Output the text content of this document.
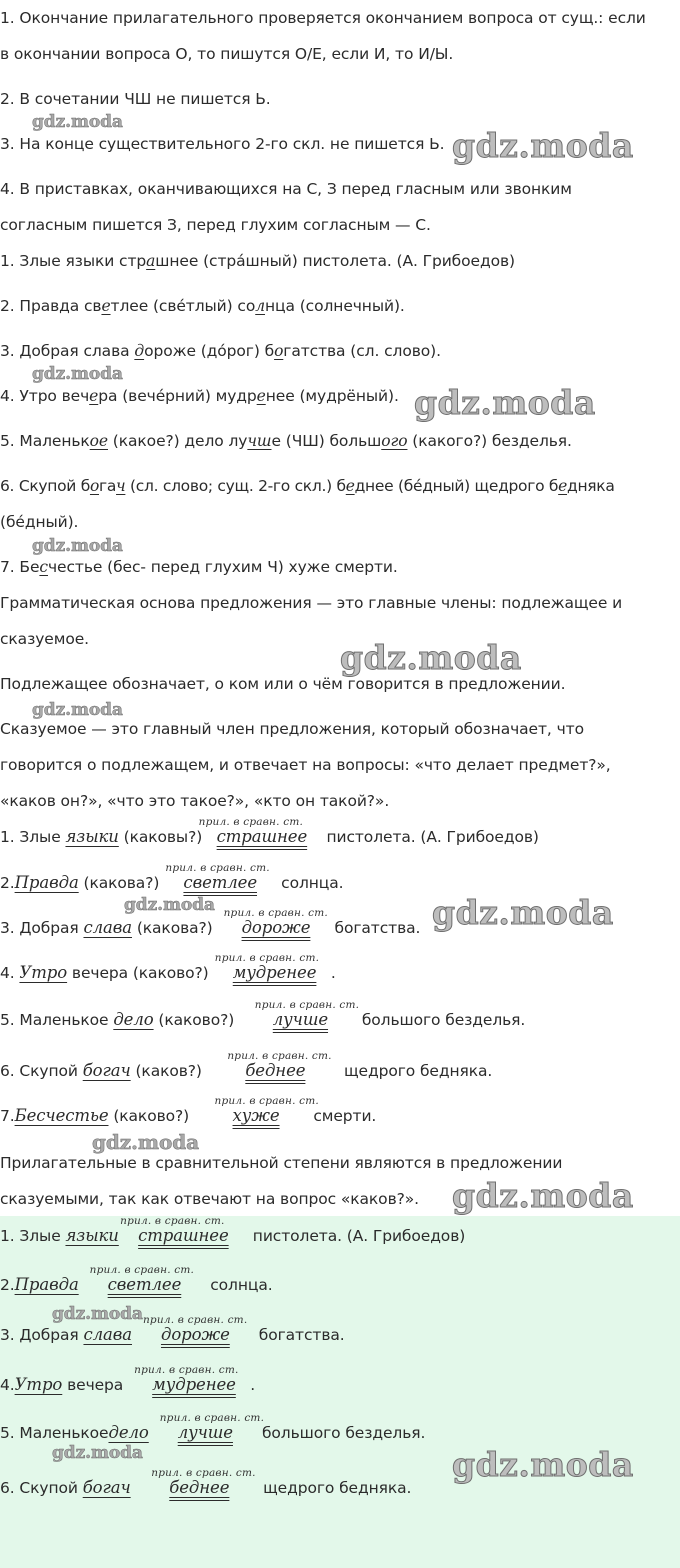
1. Окончание прилагательного проверяется окончанием вопроса от сущ.: если
в окончании вопроса О, то пишутся О/Е, если И, то И/Ы.
2. В сочетании ЧШ не пишется Ь.
3. На конце существительного 2-го скл. не пишется Ь.
4. В приставках, оканчивающихся на С, З перед гласным или звонким
согласным пишется З, перед глухим согласным — С.
1. Злые языки страшнее (стра́шный) пистолета. (А. Грибоедов)
2. Правда светлее (свéтлый) солнца (солнечный).
3. Добрая слава дороже (дóрог) богатства (сл. слово).
4. Утро вечера (вечéрний) мудренее (мудрёный).
5. Маленькое (какое?) дело лучше (ЧШ) большого (какого?) безделья.
6. Скупой богач (сл. слово; сущ. 2-го скл.) беднее (бéдный) щедрого бедняка
(бéдный).
7. Бесчестье (бес- перед глухим Ч) хуже смерти.
Грамматическая основа предложения — это главные члены: подлежащее и
сказуемое.
Подлежащее обозначает, о ком или о чём говорится в предложении.
Сказуемое — это главный член предложения, который обозначает, что
говорится о подлежащем, и отвечает на вопросы: «что делает предмет?»,
«каков он?», «что это такое?», «кто он такой?».
1. Злые языки (каковы?)
прил. в сравн. ст.
страшнее пистолета. (А. Грибоедов)
2.Правда (какова?)
прил. в сравн. ст.
светлее солнца.
3. Добрая слава (какова?)
прил. в сравн. ст.
дороже богатства.
4. Утро вечера (каково?)
прил. в сравн. ст.
мудренее .
5. Маленькое дело (каково?)
прил. в сравн. ст.
лучше большого безделья.
6. Скупой богач (каков?)
прил. в сравн. ст.
беднее щедрого бедняка.
7.Бесчестье (каково?)
прил. в сравн. ст.
хуже смерти.
Прилагательные в сравнительной степени являются в предложении
сказуемыми, так как отвечают на вопрос «каков?».
1. Злые языки
прил. в сравн. ст.
страшнее пистолета. (А. Грибоедов)
2.Правда
прил. в сравн. ст.
светлее солнца.
3. Добрая слава
прил. в сравн. ст.
дороже богатства.
4.Утро вечера
прил. в сравн. ст.
мудренее .
5. Маленькоедело
прил. в сравн. ст.
лучше большого безделья.
6. Скупой богач
прил. в сравн. ст.
беднее щедрого бедняка.
gdz.moda
gdz.moda
gdz.moda
gdz.moda
gdz.moda
gdz.moda
gdz.moda
gdz.moda	gdz.moda
gdz.moda
gdz.moda
gdz.moda
gdz.moda	gdz.moda
